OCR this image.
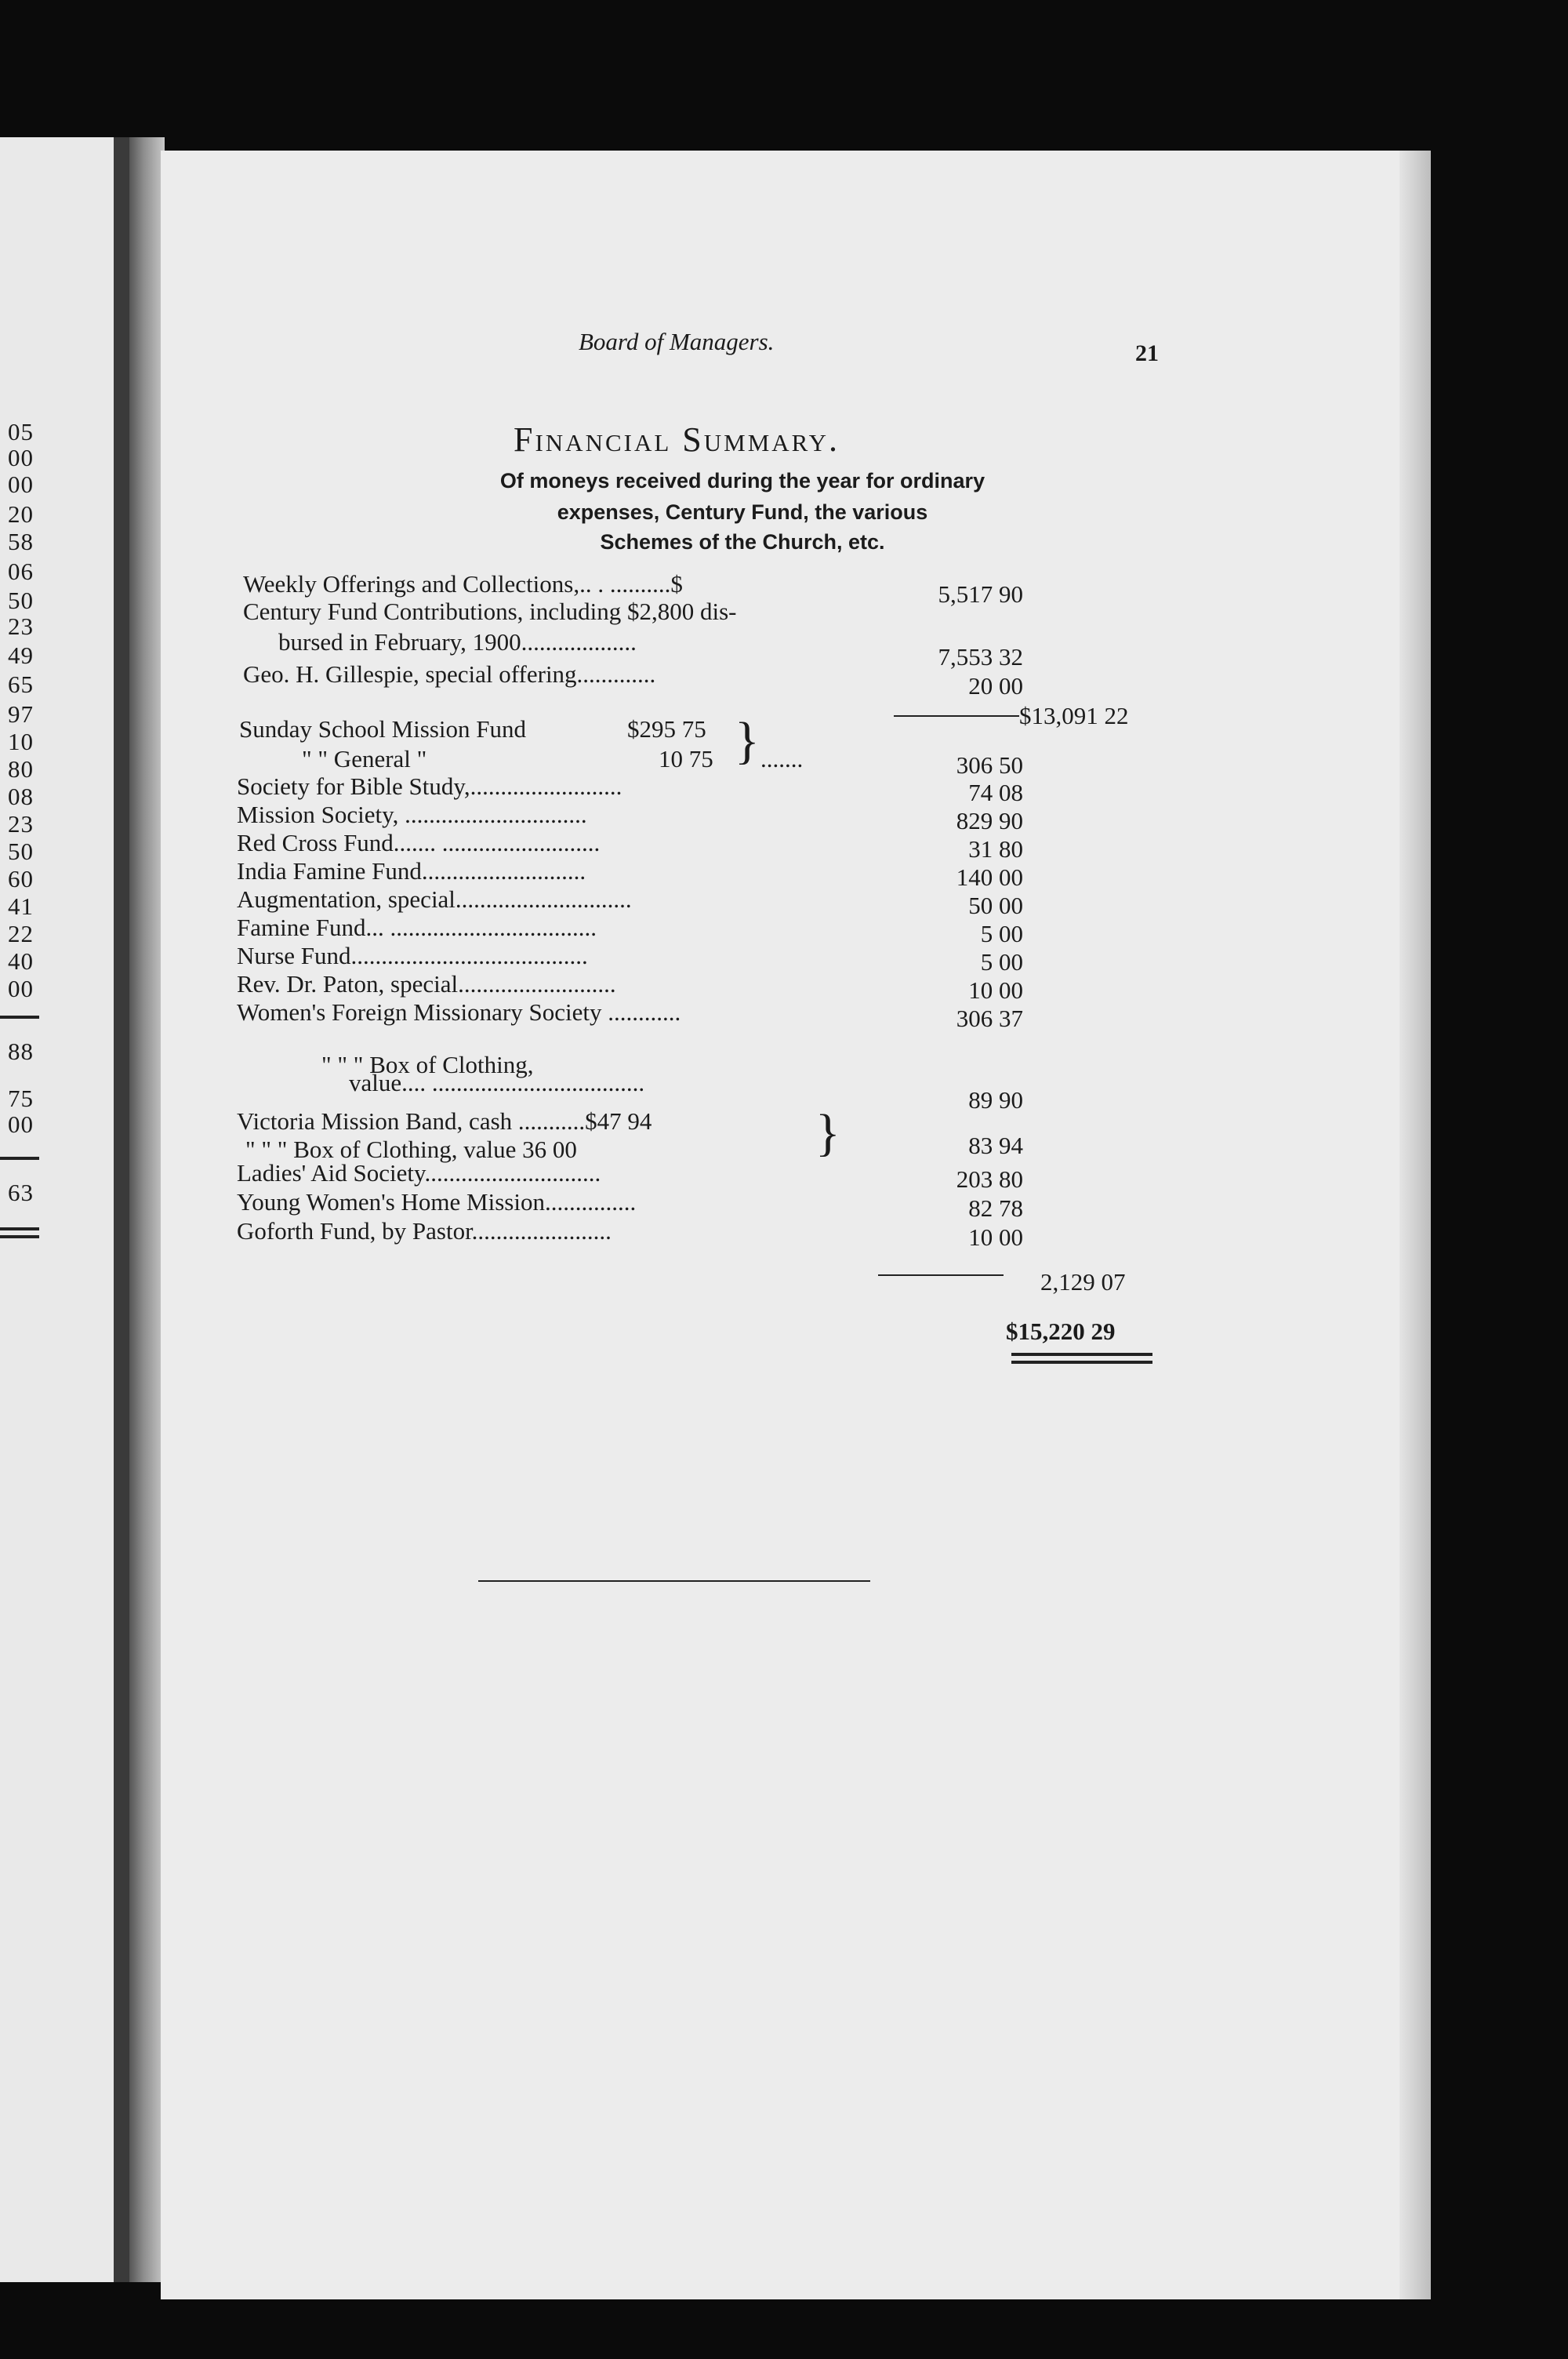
05
00
00
20
58
06
50
23
49
65
97
10
80
08
23
50
60
41
22
40
00
88
75
00
63
Board of Managers.	21
Financial Summary.
Of moneys received during the year for ordinary
expenses, Century Fund, the various
Schemes of the Church, etc.
Weekly Offerings and Collections,.. . ..........$	5,517 90
Century Fund Contributions, including $2,800 dis-
bursed in February, 1900...................
7,553 32
Geo. H. Gillespie, special offering.............	20 00
$13,091 22
Sunday School Mission Fund	$295 75
" " General "	10 75 } .......	306 50
Society for Bible Study,.........................	74 08
Mission Society, ..............................	829 90
Red Cross Fund....... ..........................	31 80
India Famine Fund...........................	140 00
Augmentation, special.............................	50 00
Famine Fund... ..................................	5 00
Nurse Fund.......................................	5 00
Rev. Dr. Paton, special..........................	10 00
Women's Foreign Missionary Society ............	306 37
" " " Box of Clothing,
value.... ...................................
89 90
Victoria Mission Band, cash ...........$47 94
" " " Box of Clothing, value 36 00	}	83 94
Ladies' Aid Society.............................	203 80
Young Women's Home Mission...............	82 78
Goforth Fund, by Pastor.......................	10 00
2,129 07
$15,220 29
